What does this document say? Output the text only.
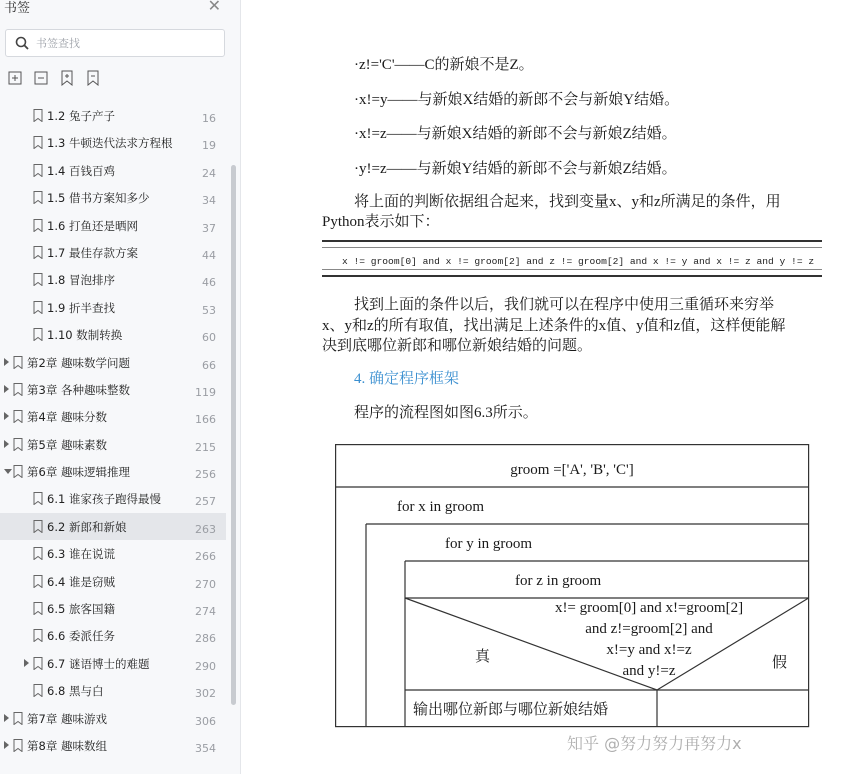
书签	✕
书签查找
1.2 兔子产子	16
1.3 牛顿迭代法求方程根	19
1.4 百钱百鸡	24
1.5 借书方案知多少	34
1.6 打鱼还是晒网	37
1.7 最佳存款方案	44
1.8 冒泡排序	46
1.9 折半查找	53
1.10 数制转换	60
第2章 趣味数学问题	66
第3章 各种趣味整数	119
第4章 趣味分数	166
第5章 趣味素数	215
第6章 趣味逻辑推理	256
6.1 谁家孩子跑得最慢	257
6.2 新郎和新娘	263
6.3 谁在说谎	266
6.4 谁是窃贼	270
6.5 旅客国籍	274
6.6 委派任务	286
6.7 谜语博士的难题	290
6.8 黑与白	302
第7章 趣味游戏	306
第8章 趣味数组	354
·z!='C'——C的新娘不是Z。
·x!=y——与新娘X结婚的新郎不会与新娘Y结婚。
·x!=z——与新娘X结婚的新郎不会与新娘Z结婚。
·y!=z——与新娘Y结婚的新郎不会与新娘Z结婚。
将上面的判断依据组合起来，找到变量x、y和z所满足的条件，用
Python表示如下：
x != groom[0] and x != groom[2] and z != groom[2] and x != y and x != z and y != z
找到上面的条件以后，我们就可以在程序中使用三重循环来穷举
x、y和z的所有取值，找出满足上述条件的x值、y值和z值，这样便能解
决到底哪位新郎和哪位新娘结婚的问题。
4. 确定程序框架
程序的流程图如图6.3所示。
groom =['A', 'B', 'C']
for x in groom
for y in groom
for z in groom
x!= groom[0] and x!=groom[2]
and z!=groom[2] and
x!=y and x!=z
and y!=z
真	假
输出哪位新郎与哪位新娘结婚
知乎 @努力努力再努力x
